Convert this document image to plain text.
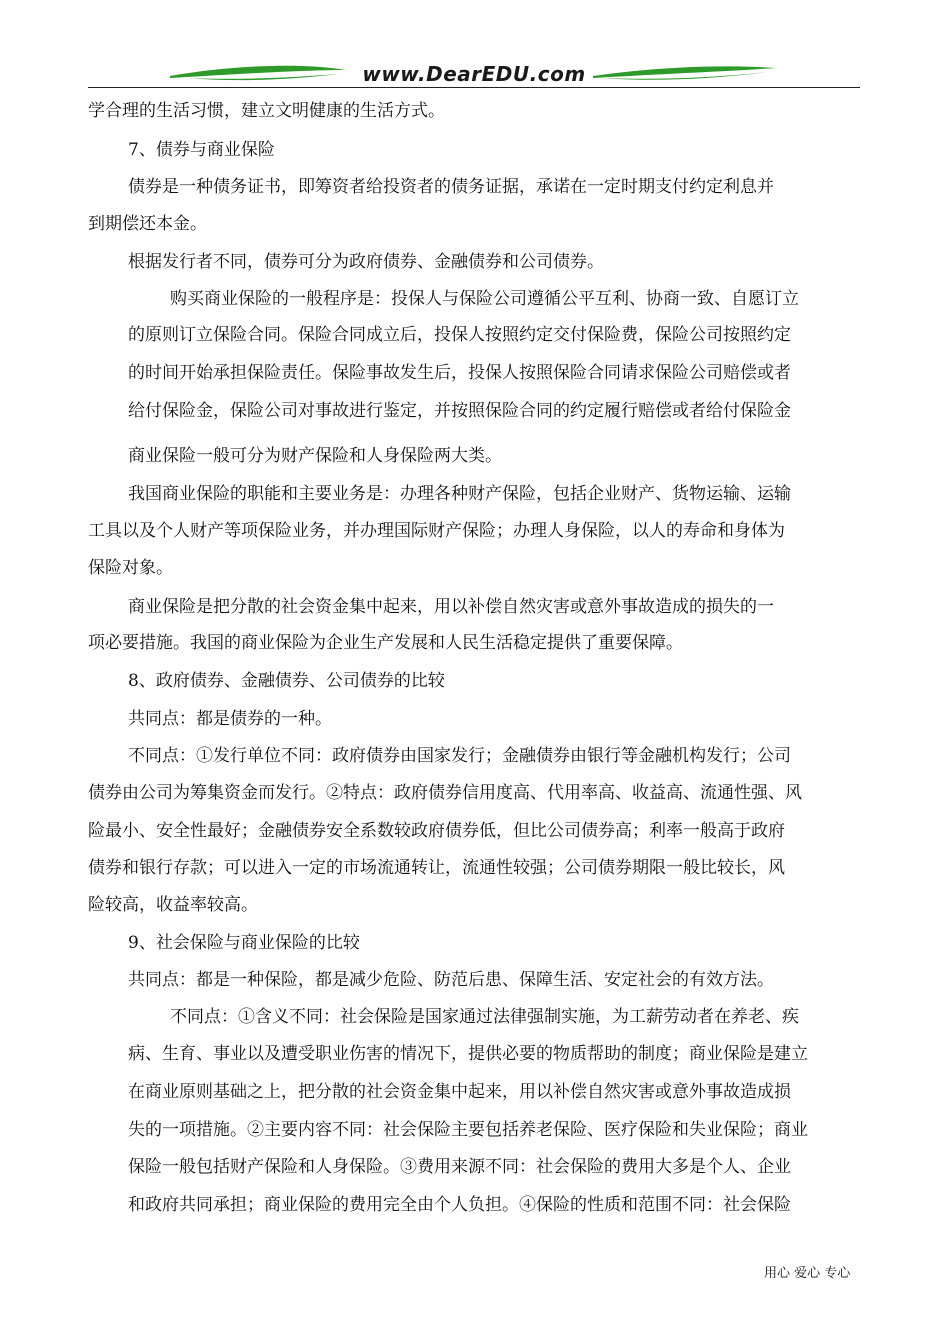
www.DearEDU.com
学合理的生活习惯，建立文明健康的生活方式。
7、债券与商业保险
债券是一种债务证书，即筹资者给投资者的债务证据，承诺在一定时期支付约定利息并
到期偿还本金。
根据发行者不同，债券可分为政府债券、金融债券和公司债券。
购买商业保险的一般程序是：投保人与保险公司遵循公平互利、协商一致、自愿订立
的原则订立保险合同。保险合同成立后，投保人按照约定交付保险费，保险公司按照约定
的时间开始承担保险责任。保险事故发生后，投保人按照保险合同请求保险公司赔偿或者
给付保险金，保险公司对事故进行鉴定，并按照保险合同的约定履行赔偿或者给付保险金
商业保险一般可分为财产保险和人身保险两大类。
我国商业保险的职能和主要业务是：办理各种财产保险，包括企业财产、货物运输、运输
工具以及个人财产等项保险业务，并办理国际财产保险；办理人身保险，以人的寿命和身体为
保险对象。
商业保险是把分散的社会资金集中起来，用以补偿自然灾害或意外事故造成的损失的一
项必要措施。我国的商业保险为企业生产发展和人民生活稳定提供了重要保障。
8、政府债券、金融债券、公司债券的比较
共同点：都是债券的一种。
不同点：①发行单位不同：政府债券由国家发行；金融债券由银行等金融机构发行；公司
债券由公司为筹集资金而发行。②特点：政府债券信用度高、代用率高、收益高、流通性强、风
险最小、安全性最好；金融债券安全系数较政府债券低，但比公司债券高；利率一般高于政府
债券和银行存款；可以进入一定的市场流通转让，流通性较强；公司债券期限一般比较长，风
险较高，收益率较高。
9、社会保险与商业保险的比较
共同点：都是一种保险，都是减少危险、防范后患、保障生活、安定社会的有效方法。
不同点：①含义不同：社会保险是国家通过法律强制实施，为工薪劳动者在养老、疾
病、生育、事业以及遭受职业伤害的情况下，提供必要的物质帮助的制度；商业保险是建立
在商业原则基础之上，把分散的社会资金集中起来，用以补偿自然灾害或意外事故造成损
失的一项措施。②主要内容不同：社会保险主要包括养老保险、医疗保险和失业保险；商业
保险一般包括财产保险和人身保险。③费用来源不同：社会保险的费用大多是个人、企业
和政府共同承担；商业保险的费用完全由个人负担。④保险的性质和范围不同：社会保险
用心 爱心 专心
